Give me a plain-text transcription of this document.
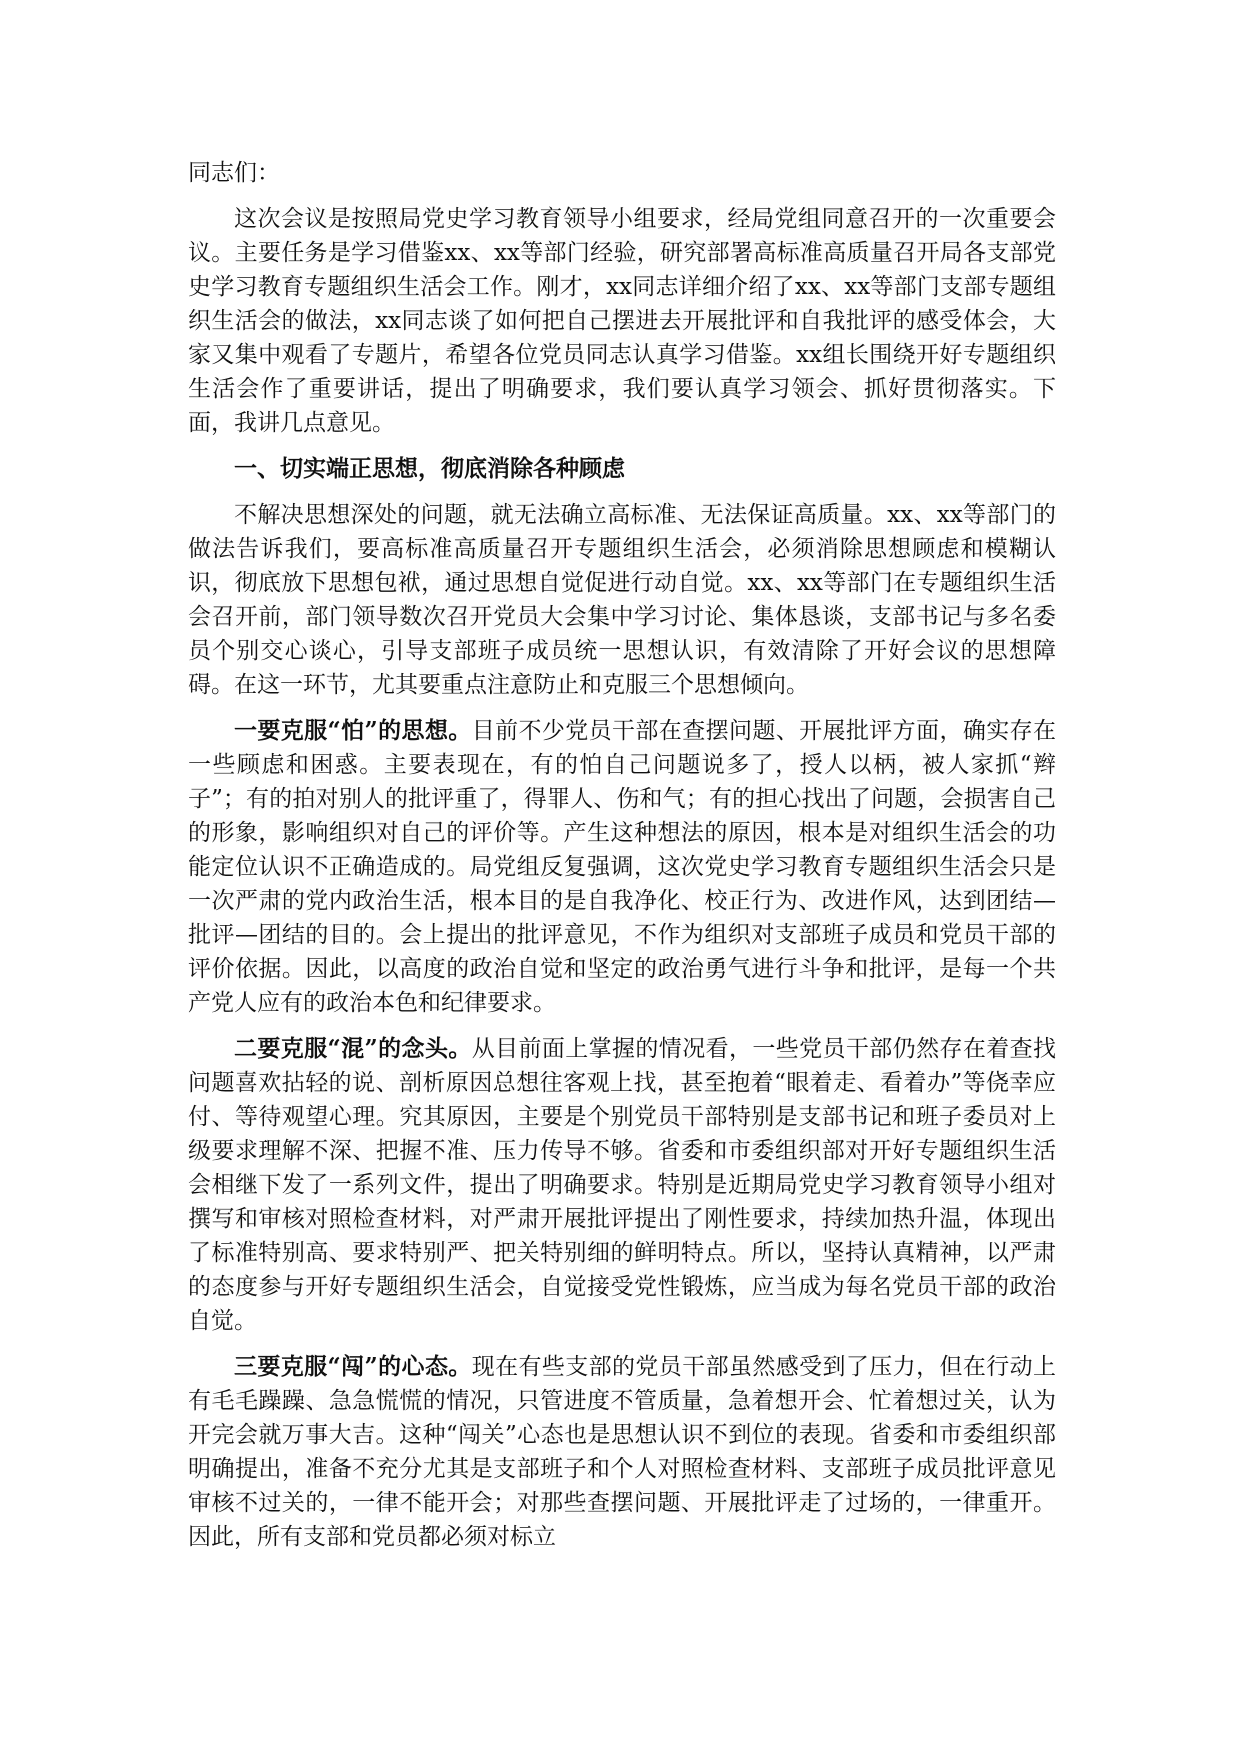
同志们：

这次会议是按照局党史学习教育领导小组要求，经局党组同意召开的一次重要会议。主要任务是学习借鉴xx、xx等部门经验，研究部署高标准高质量召开局各支部党史学习教育专题组织生活会工作。刚才，xx同志详细介绍了xx、xx等部门支部专题组织生活会的做法，xx同志谈了如何把自己摆进去开展批评和自我批评的感受体会，大家又集中观看了专题片，希望各位党员同志认真学习借鉴。xx组长围绕开好专题组织生活会作了重要讲话，提出了明确要求，我们要认真学习领会、抓好贯彻落实。下面，我讲几点意见。

一、切实端正思想，彻底消除各种顾虑

不解决思想深处的问题，就无法确立高标准、无法保证高质量。xx、xx等部门的做法告诉我们，要高标准高质量召开专题组织生活会，必须消除思想顾虑和模糊认识，彻底放下思想包袱，通过思想自觉促进行动自觉。xx、xx等部门在专题组织生活会召开前，部门领导数次召开党员大会集中学习讨论、集体恳谈，支部书记与多名委员个别交心谈心，引导支部班子成员统一思想认识，有效清除了开好会议的思想障碍。在这一环节，尤其要重点注意防止和克服三个思想倾向。

一要克服“怕”的思想。目前不少党员干部在查摆问题、开展批评方面，确实存在一些顾虑和困惑。主要表现在，有的怕自己问题说多了，授人以柄，被人家抓“辫子”；有的拍对别人的批评重了，得罪人、伤和气；有的担心找出了问题，会损害自己的形象，影响组织对自己的评价等。产生这种想法的原因，根本是对组织生活会的功能定位认识不正确造成的。局党组反复强调，这次党史学习教育专题组织生活会只是一次严肃的党内政治生活，根本目的是自我净化、校正行为、改进作风，达到团结—批评—团结的目的。会上提出的批评意见，不作为组织对支部班子成员和党员干部的评价依据。因此，以高度的政治自觉和坚定的政治勇气进行斗争和批评，是每一个共产党人应有的政治本色和纪律要求。

二要克服“混”的念头。从目前面上掌握的情况看，一些党员干部仍然存在着查找问题喜欢拈轻的说、剖析原因总想往客观上找，甚至抱着“眼着走、看着办”等侥幸应付、等待观望心理。究其原因，主要是个别党员干部特别是支部书记和班子委员对上级要求理解不深、把握不准、压力传导不够。省委和市委组织部对开好专题组织生活会相继下发了一系列文件，提出了明确要求。特别是近期局党史学习教育领导小组对撰写和审核对照检查材料，对严肃开展批评提出了刚性要求，持续加热升温，体现出了标准特别高、要求特别严、把关特别细的鲜明特点。所以，坚持认真精神，以严肃的态度参与开好专题组织生活会，自觉接受党性锻炼，应当成为每名党员干部的政治自觉。

三要克服“闯”的心态。现在有些支部的党员干部虽然感受到了压力，但在行动上有毛毛躁躁、急急慌慌的情况，只管进度不管质量，急着想开会、忙着想过关，认为开完会就万事大吉。这种“闯关”心态也是思想认识不到位的表现。省委和市委组织部明确提出，准备不充分尤其是支部班子和个人对照检查材料、支部班子成员批评意见审核不过关的，一律不能开会；对那些查摆问题、开展批评走了过场的，一律重开。因此，所有支部和党员都必须对标立
